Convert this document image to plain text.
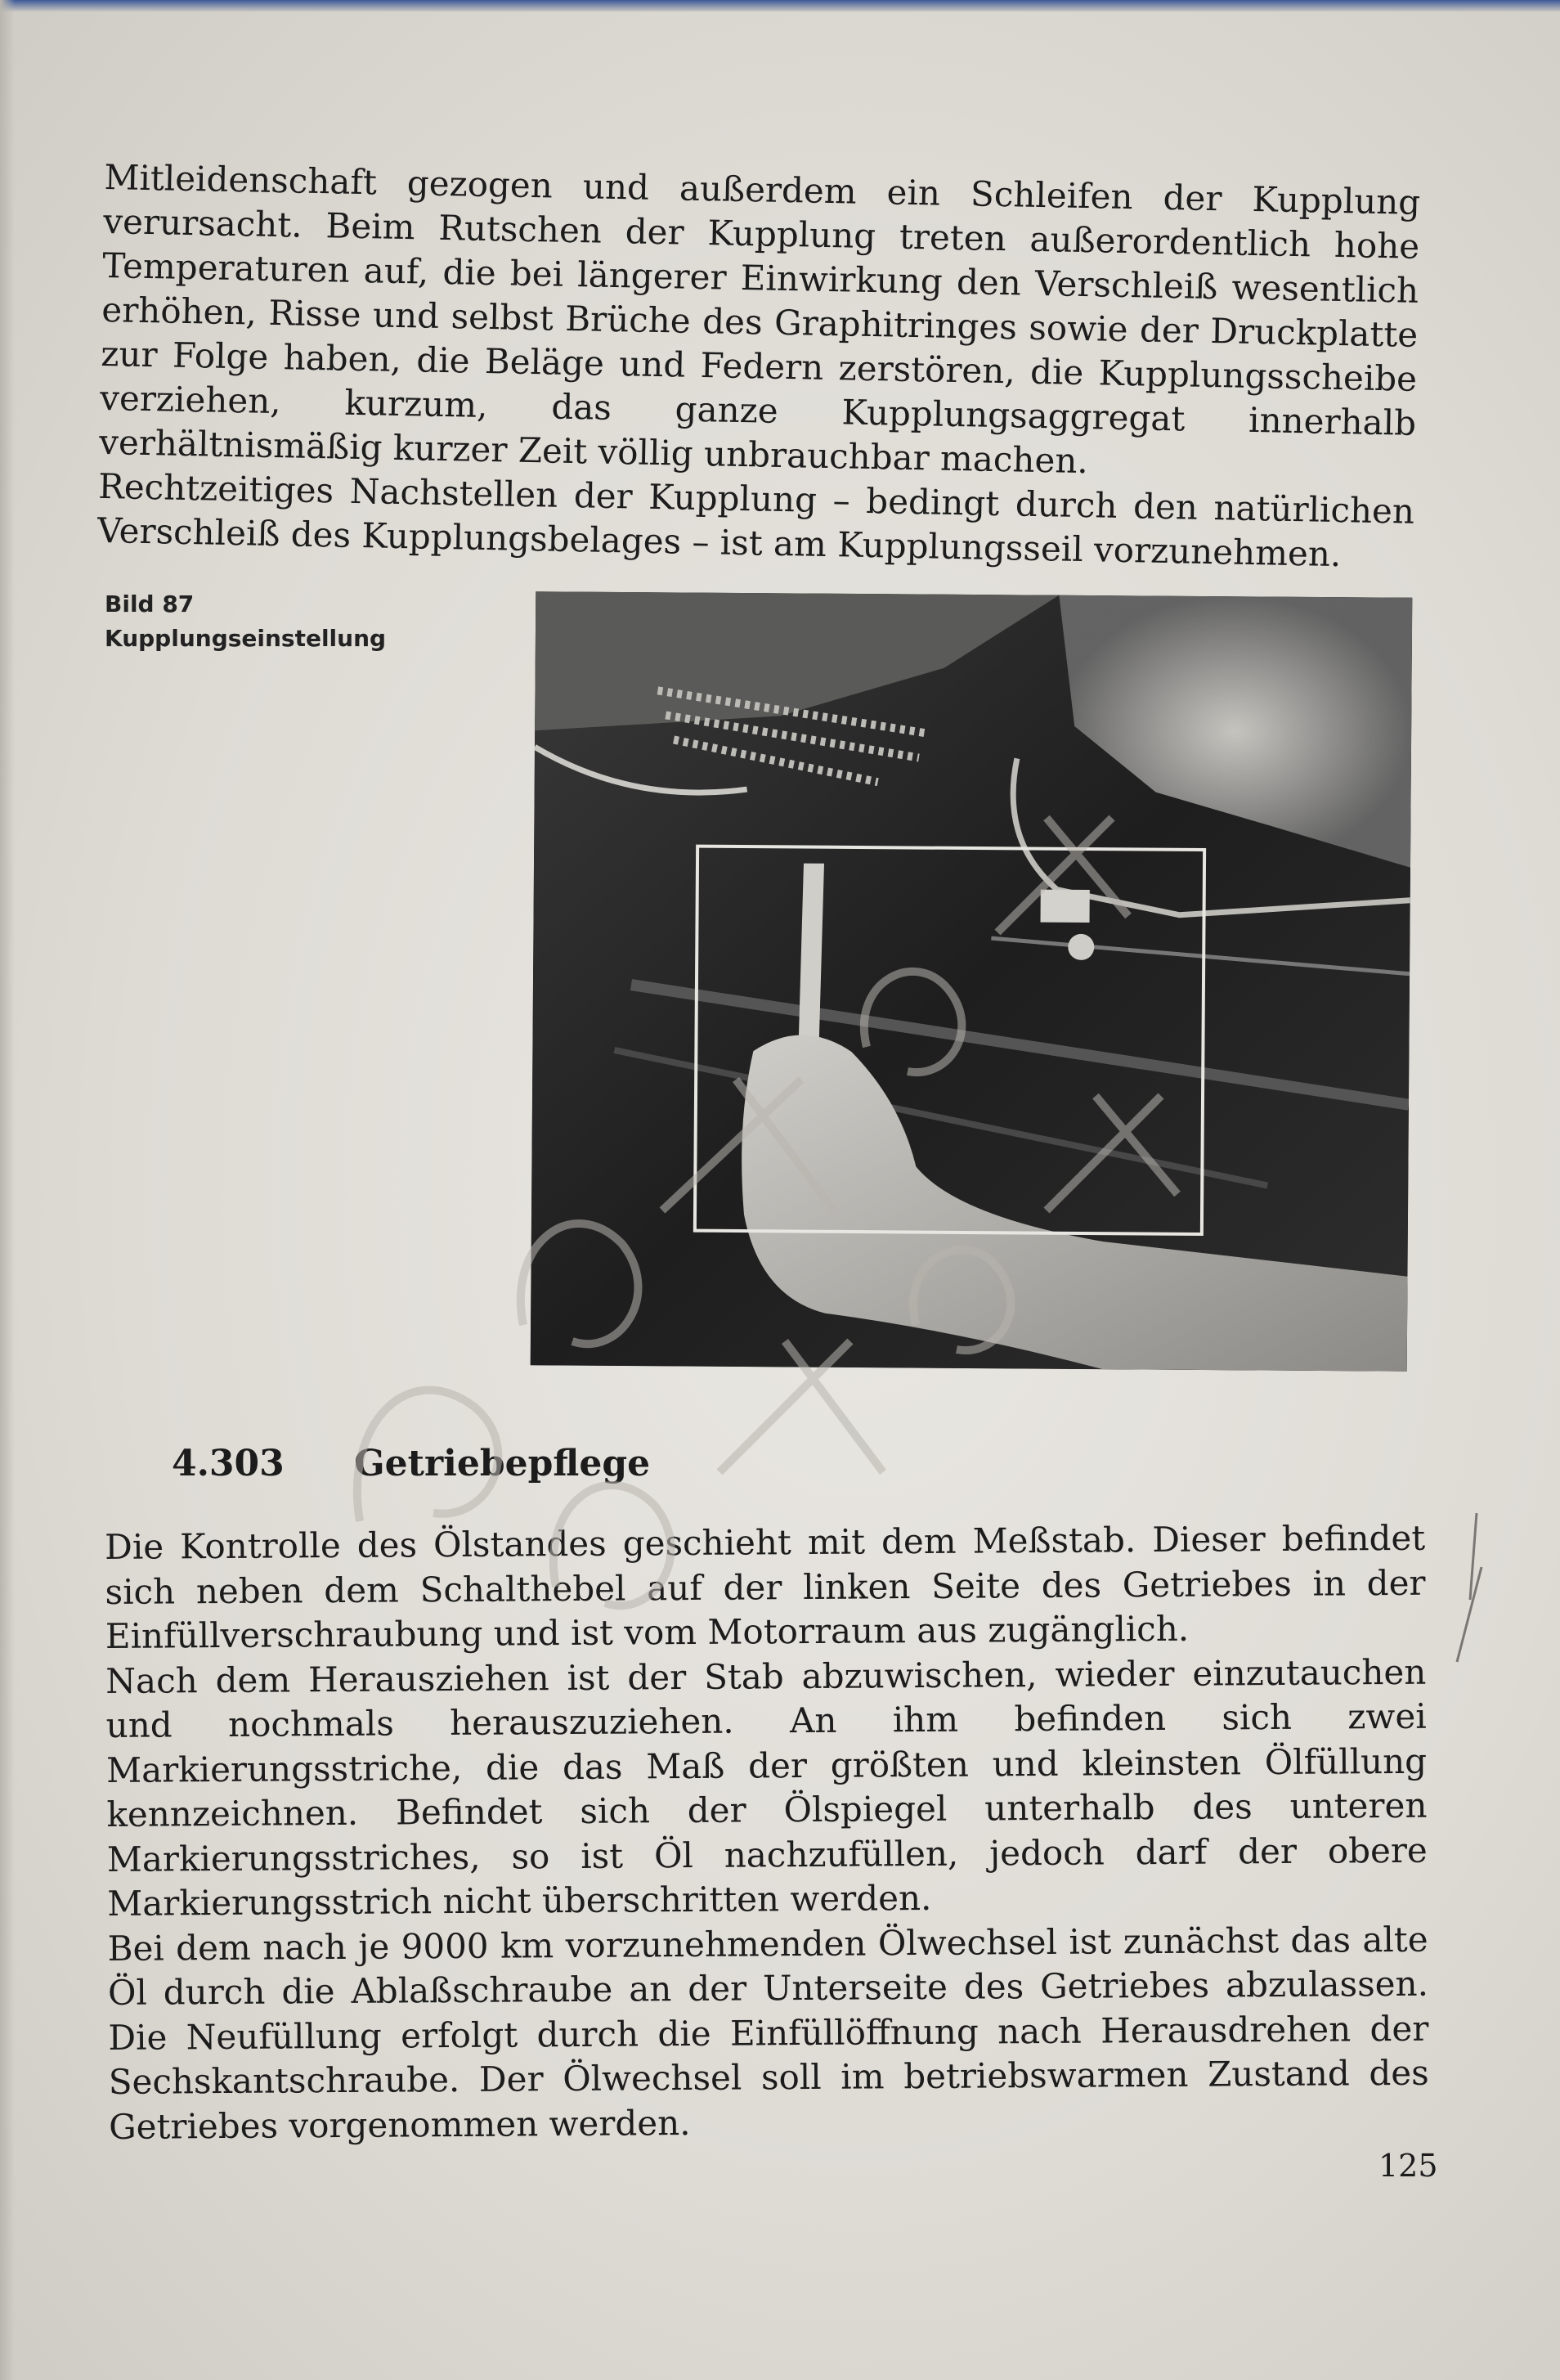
Mitleidenschaft gezogen und außerdem ein Schleifen der Kupplung verursacht. Beim Rutschen der Kupplung treten außerordentlich hohe Temperaturen auf, die bei längerer Einwirkung den Verschleiß wesentlich erhöhen, Risse und selbst Brüche des Graphitringes sowie der Druckplatte zur Folge haben, die Beläge und Federn zerstören, die Kupplungsscheibe verziehen, kurzum, das ganze Kupplungsaggregat innerhalb verhältnismäßig kurzer Zeit völlig unbrauchbar machen.

Rechtzeitiges Nachstellen der Kupplung – bedingt durch den natürlichen Verschleiß des Kupplungsbelages – ist am Kupplungsseil vorzunehmen.

Bild 87
Kupplungseinstellung
4.303 Getriebepflege

Die Kontrolle des Ölstandes geschieht mit dem Meßstab. Dieser befindet sich neben dem Schalthebel auf der linken Seite des Getriebes in der Einfüllverschraubung und ist vom Motorraum aus zugänglich.

Nach dem Herausziehen ist der Stab abzuwischen, wieder einzutauchen und nochmals herauszuziehen. An ihm befinden sich zwei Markierungsstriche, die das Maß der größten und kleinsten Ölfüllung kennzeichnen. Befindet sich der Ölspiegel unterhalb des unteren Markierungsstriches, so ist Öl nachzufüllen, jedoch darf der obere Markierungsstrich nicht überschritten werden.

Bei dem nach je 9000 km vorzunehmenden Ölwechsel ist zunächst das alte Öl durch die Ablaßschraube an der Unterseite des Getriebes abzulassen. Die Neufüllung erfolgt durch die Einfüllöffnung nach Herausdrehen der Sechskantschraube. Der Ölwechsel soll im betriebswarmen Zustand des Getriebes vorgenommen werden.

125
